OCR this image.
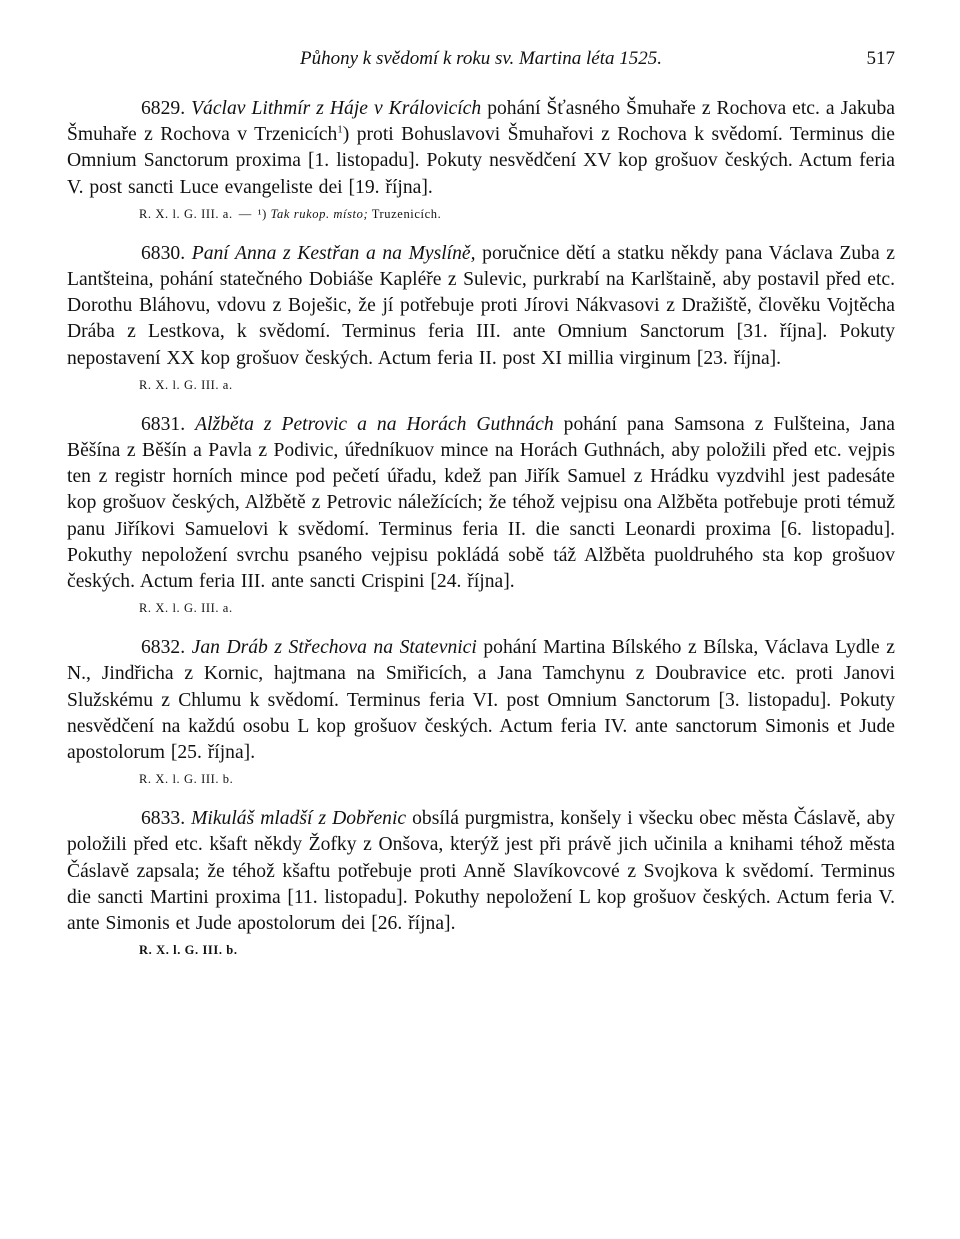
Půhony k svědomí k roku sv. Martina léta 1525.	517

6829. Václav Lithmír z Háje v Královicích pohání Šťasného Šmuhaře z Rochova etc. a Jakuba Šmuhaře z Rochova v Trzenicích$^1$) proti Bohuslavovi Šmuhařovi z Rochova k svědomí. Terminus die Omnium Sanctorum proxima [1. listopadu]. Pokuty nesvědčení XV kop grošuov českých. Actum feria V. post sancti Luce evangeliste dei [19. října].

R. X. l. G. III. a. — ¹) Tak rukop. místo; Truzenicích.

6830. Paní Anna z Kestřan a na Myslíně, poručnice dětí a statku někdy pana Václava Zuba z Lantšteina, pohání statečného Dobiáše Kapléře z Sulevic, purkrabí na Karlštaině, aby postavil před etc. Dorothu Bláhovu, vdovu z Boješic, že jí potřebuje proti Jírovi Nákvasovi z Dražiště, člověku Vojtěcha Drába z Lestkova, k svědomí. Terminus feria III. ante Omnium Sanctorum [31. října]. Pokuty nepostavení XX kop grošuov českých. Actum feria II. post XI millia virginum [23. října].

R. X. l. G. III. a.

6831. Alžběta z Petrovic a na Horách Guthnách pohání pana Samsona z Fulšteina, Jana Běšína z Běšín a Pavla z Podivic, úředníkuov mince na Horách Guthnách, aby položili před etc. vejpis ten z registr horních mince pod pečetí úřadu, kdež pan Jiřík Samuel z Hrádku vyzdvihl jest padesáte kop grošuov českých, Alžbětě z Petrovic náležících; že téhož vejpisu ona Alžběta potřebuje proti témuž panu Jiříkovi Samuelovi k svědomí. Terminus feria II. die sancti Leonardi proxima [6. listopadu]. Pokuthy nepoložení svrchu psaného vejpisu pokládá sobě táž Alžběta puoldruhého sta kop grošuov českých. Actum feria III. ante sancti Crispini [24. října].

R. X. l. G. III. a.

6832. Jan Dráb z Střechova na Statevnici pohání Martina Bílského z Bílska, Václava Lydle z N., Jindřicha z Kornic, hajtmana na Smiřicích, a Jana Tamchynu z Doubravice etc. proti Janovi Služskému z Chlumu k svědomí. Terminus feria VI. post Omnium Sanctorum [3. listopadu]. Pokuty nesvědčení na každú osobu L kop grošuov českých. Actum feria IV. ante sanctorum Simonis et Jude apostolorum [25. října].

R. X. l. G. III. b.

6833. Mikuláš mladší z Dobřenic obsílá purgmistra, konšely i všecku obec města Čáslavě, aby položili před etc. kšaft někdy Žofky z Onšova, kterýž jest při právě jich učinila a knihami téhož města Čáslavě zapsala; že téhož kšaftu potřebuje proti Anně Slavíkovcové z Svojkova k svědomí. Terminus die sancti Martini proxima [11. listopadu]. Pokuthy nepoložení L kop grošuov českých. Actum feria V. ante Simonis et Jude apostolorum dei [26. října].

R. X. l. G. III. b.
